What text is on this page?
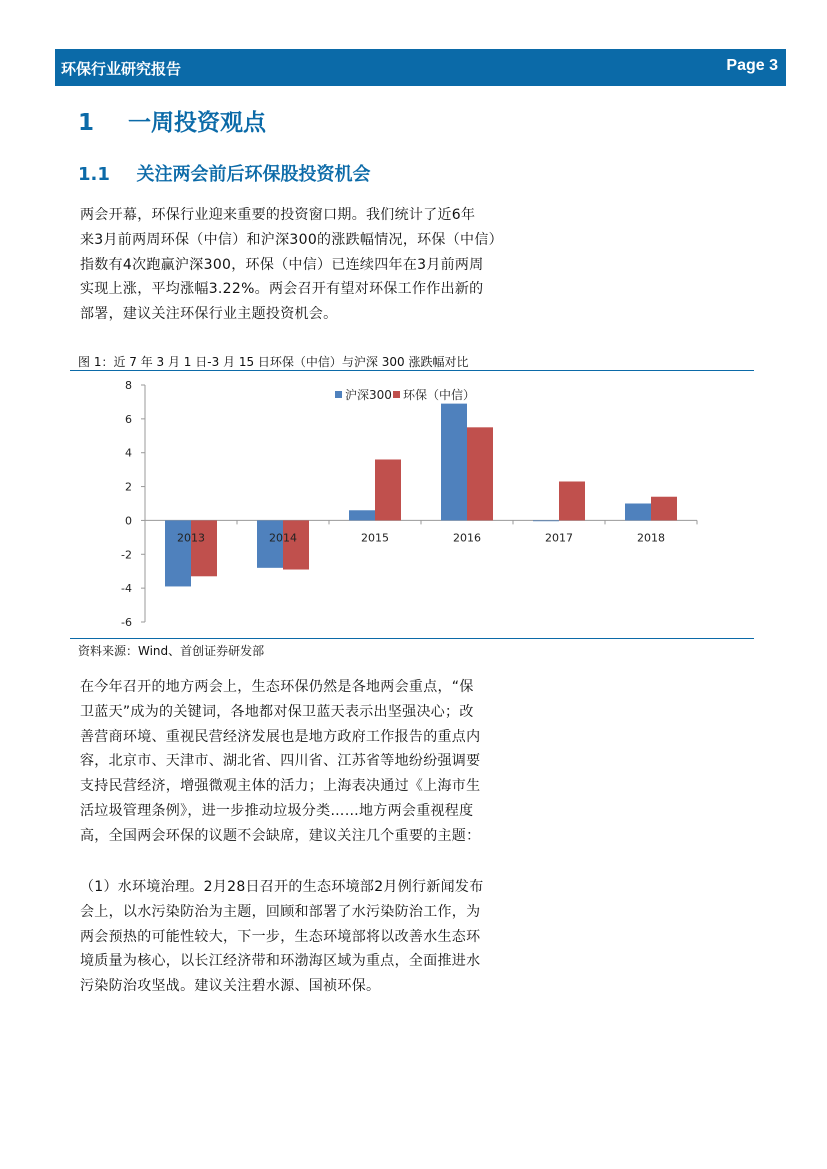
环保行业研究报告	Page 3
1 一周投资观点
1.1 关注两会前后环保股投资机会

两会开幕，环保行业迎来重要的投资窗口期。我们统计了近6年

来3月前两周环保（中信）和沪深300的涨跌幅情况，环保（中信）

指数有4次跑赢沪深300，环保（中信）已连续四年在3月前两周

实现上涨，平均涨幅3.22%。两会召开有望对环保工作作出新的

部署，建议关注环保行业主题投资机会。

图 1：近 7 年 3 月 1 日-3 月 15 日环保（中信）与沪深 300 涨跌幅对比
8
6
4
2
0
-2
-4
-6
2013	2014	2015	2016	2017	2018
沪深300 环保（中信）
资料来源：Wind、首创证券研发部

在今年召开的地方两会上，生态环保仍然是各地两会重点，“保

卫蓝天”成为的关键词，各地都对保卫蓝天表示出坚强决心；改

善营商环境、重视民营经济发展也是地方政府工作报告的重点内

容，北京市、天津市、湖北省、四川省、江苏省等地纷纷强调要

支持民营经济，增强微观主体的活力；上海表决通过《上海市生

活垃圾管理条例》，进一步推动垃圾分类……地方两会重视程度

高，全国两会环保的议题不会缺席，建议关注几个重要的主题：

（1）水环境治理。2月28日召开的生态环境部2月例行新闻发布

会上，以水污染防治为主题，回顾和部署了水污染防治工作，为

两会预热的可能性较大，下一步，生态环境部将以改善水生态环

境质量为核心，以长江经济带和环渤海区域为重点，全面推进水

污染防治攻坚战。建议关注碧水源、国祯环保。
